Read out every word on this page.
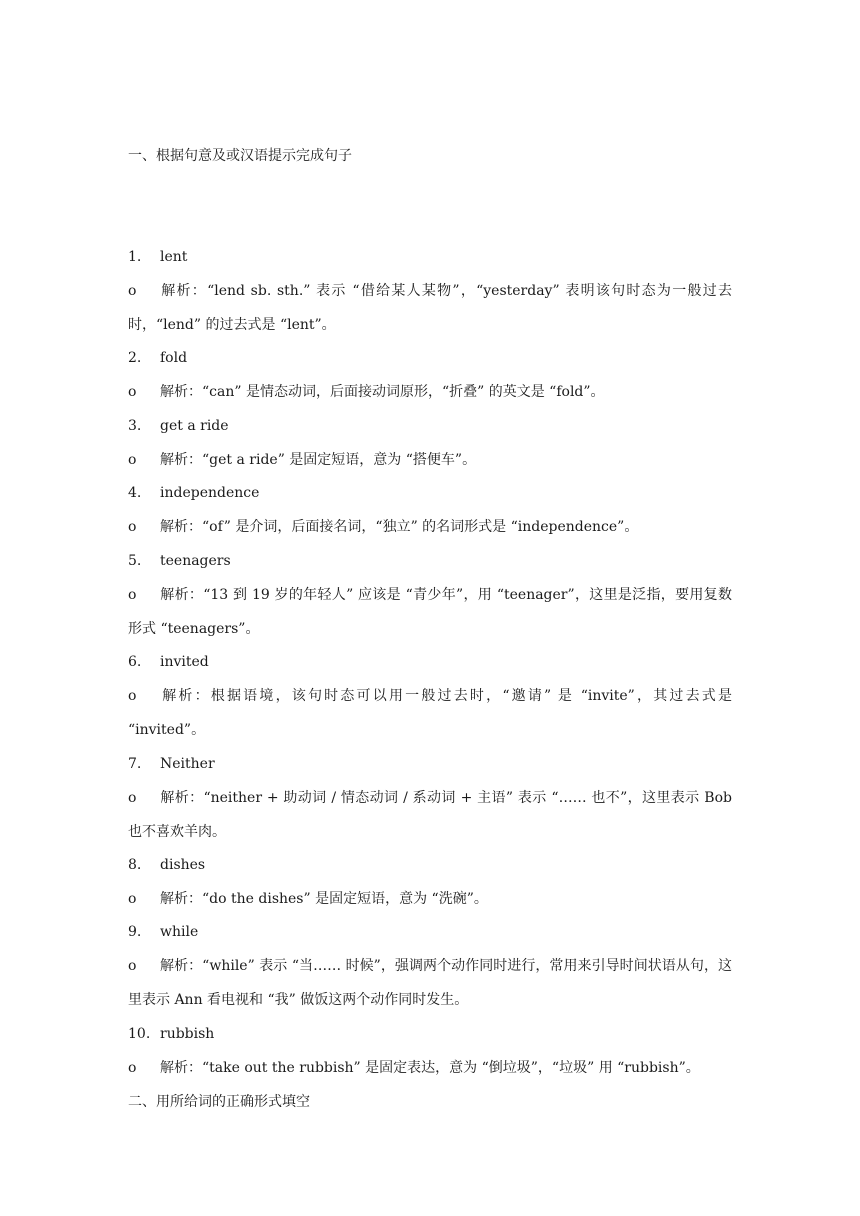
一、根据句意及或汉语提示完成句子
1. lent
o 解析：“lend sb. sth.” 表示 “借给某人某物”，“yesterday” 表明该句时态为一般过去时，“lend” 的过去式是 “lent”。
2. fold
o 解析：“can” 是情态动词，后面接动词原形，“折叠” 的英文是 “fold”。
3. get a ride
o 解析：“get a ride” 是固定短语，意为 “搭便车”。
4. independence
o 解析：“of” 是介词，后面接名词，“独立” 的名词形式是 “independence”。
5. teenagers
o 解析：“13 到 19 岁的年轻人” 应该是 “青少年”，用 “teenager”，这里是泛指，要用复数形式 “teenagers”。
6. invited
o 解析：根据语境，该句时态可以用一般过去时，“邀请” 是 “invite”，其过去式是 “invited”。
7. Neither
o 解析：“neither + 助动词 / 情态动词 / 系动词 + 主语” 表示 “…… 也不”，这里表示 Bob 也不喜欢羊肉。
8. dishes
o 解析：“do the dishes” 是固定短语，意为 “洗碗”。
9. while
o 解析：“while” 表示 “当…… 时候”，强调两个动作同时进行，常用来引导时间状语从句，这里表示 Ann 看电视和 “我” 做饭这两个动作同时发生。
10. rubbish
o 解析：“take out the rubbish” 是固定表达，意为 “倒垃圾”，“垃圾” 用 “rubbish”。
二、用所给词的正确形式填空
